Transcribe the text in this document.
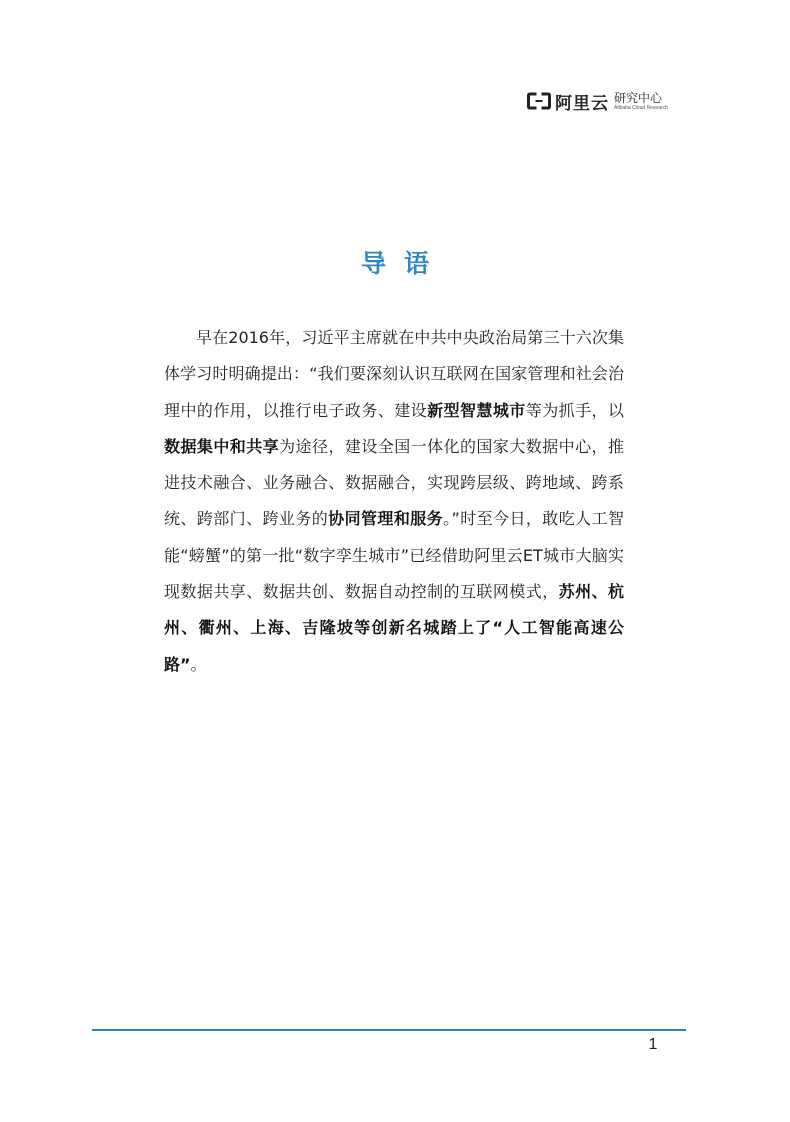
阿里云 研究中心
Alibaba Cloud Research
导语

早在2016年，习近平主席就在中共中央政治局第三十六次集体学习时明确提出：“我们要深刻认识互联网在国家管理和社会治理中的作用，以推行电子政务、建设新型智慧城市等为抓手，以数据集中和共享为途径，建设全国一体化的国家大数据中心，推进技术融合、业务融合、数据融合，实现跨层级、跨地域、跨系统、跨部门、跨业务的协同管理和服务。”时至今日，敢吃人工智能“螃蟹”的第一批“数字孪生城市”已经借助阿里云ET城市大脑实现数据共享、数据共创、数据自动控制的互联网模式，苏州、杭州、衢州、上海、吉隆坡等创新名城踏上了“人工智能高速公路”。

1
